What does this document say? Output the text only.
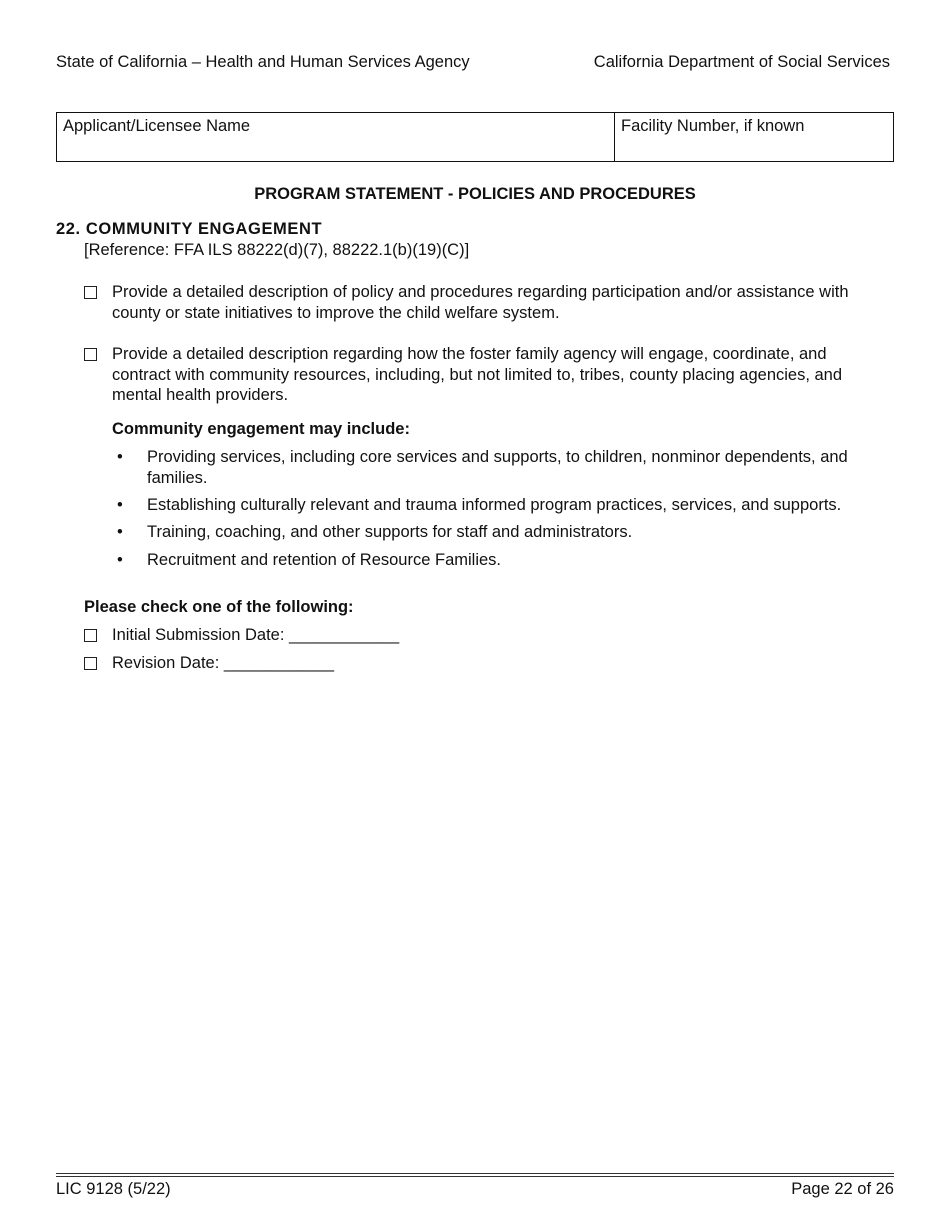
State of California – Health and Human Services Agency	California Department of Social Services
Applicant/Licensee Name	Facility Number, if known
PROGRAM STATEMENT - POLICIES AND PROCEDURES
22. COMMUNITY ENGAGEMENT
[Reference: FFA ILS 88222(d)(7), 88222.1(b)(19)(C)]
Provide a detailed description of policy and procedures regarding participation and/or assistance with county or state initiatives to improve the child welfare system.
Provide a detailed description regarding how the foster family agency will engage, coordinate, and contract with community resources, including, but not limited to, tribes, county placing agencies, and mental health providers.
Community engagement may include:
• Providing services, including core services and supports, to children, nonminor dependents, and families.
• Establishing culturally relevant and trauma informed program practices, services, and supports.
• Training, coaching, and other supports for staff and administrators.
• Recruitment and retention of Resource Families.
Please check one of the following:
Initial Submission Date: ____________
Revision Date: ____________
LIC 9128 (5/22)	Page 22 of 26
